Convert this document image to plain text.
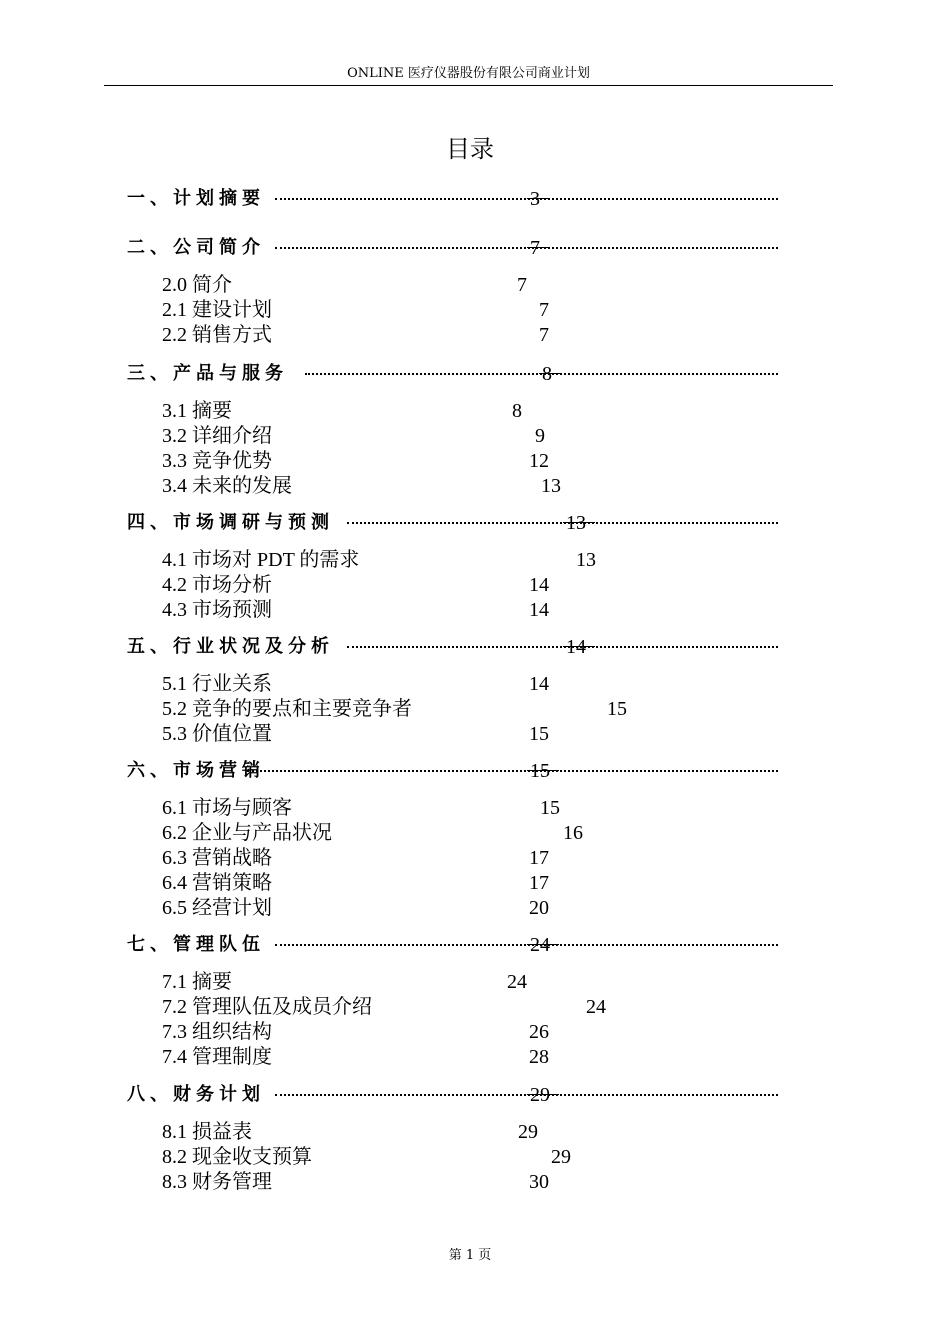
ONLINE 医疗仪器股份有限公司商业计划
目录
一、计划摘要	3
二、公司简介	7
2.0 简介	7
2.1 建设计划	7
2.2 销售方式	7
三、产品与服务	8
3.1 摘要	8
3.2 详细介绍	9
3.3 竞争优势	12
3.4 未来的发展	13
四、市场调研与预测	13
4.1 市场对 PDT 的需求	13
4.2 市场分析	14
4.3 市场预测	14
五、行业状况及分析	14
5.1 行业关系	14
5.2 竞争的要点和主要竞争者	15
5.3 价值位置	15
六、市场营销	15
6.1 市场与顾客	15
6.2 企业与产品状况	16
6.3 营销战略	17
6.4 营销策略	17
6.5 经营计划	20
七、管理队伍	24
7.1 摘要	24
7.2 管理队伍及成员介绍	24
7.3 组织结构	26
7.4 管理制度	28
八、财务计划	29
8.1 损益表	29
8.2 现金收支预算	29
8.3 财务管理	30
第 1 页
